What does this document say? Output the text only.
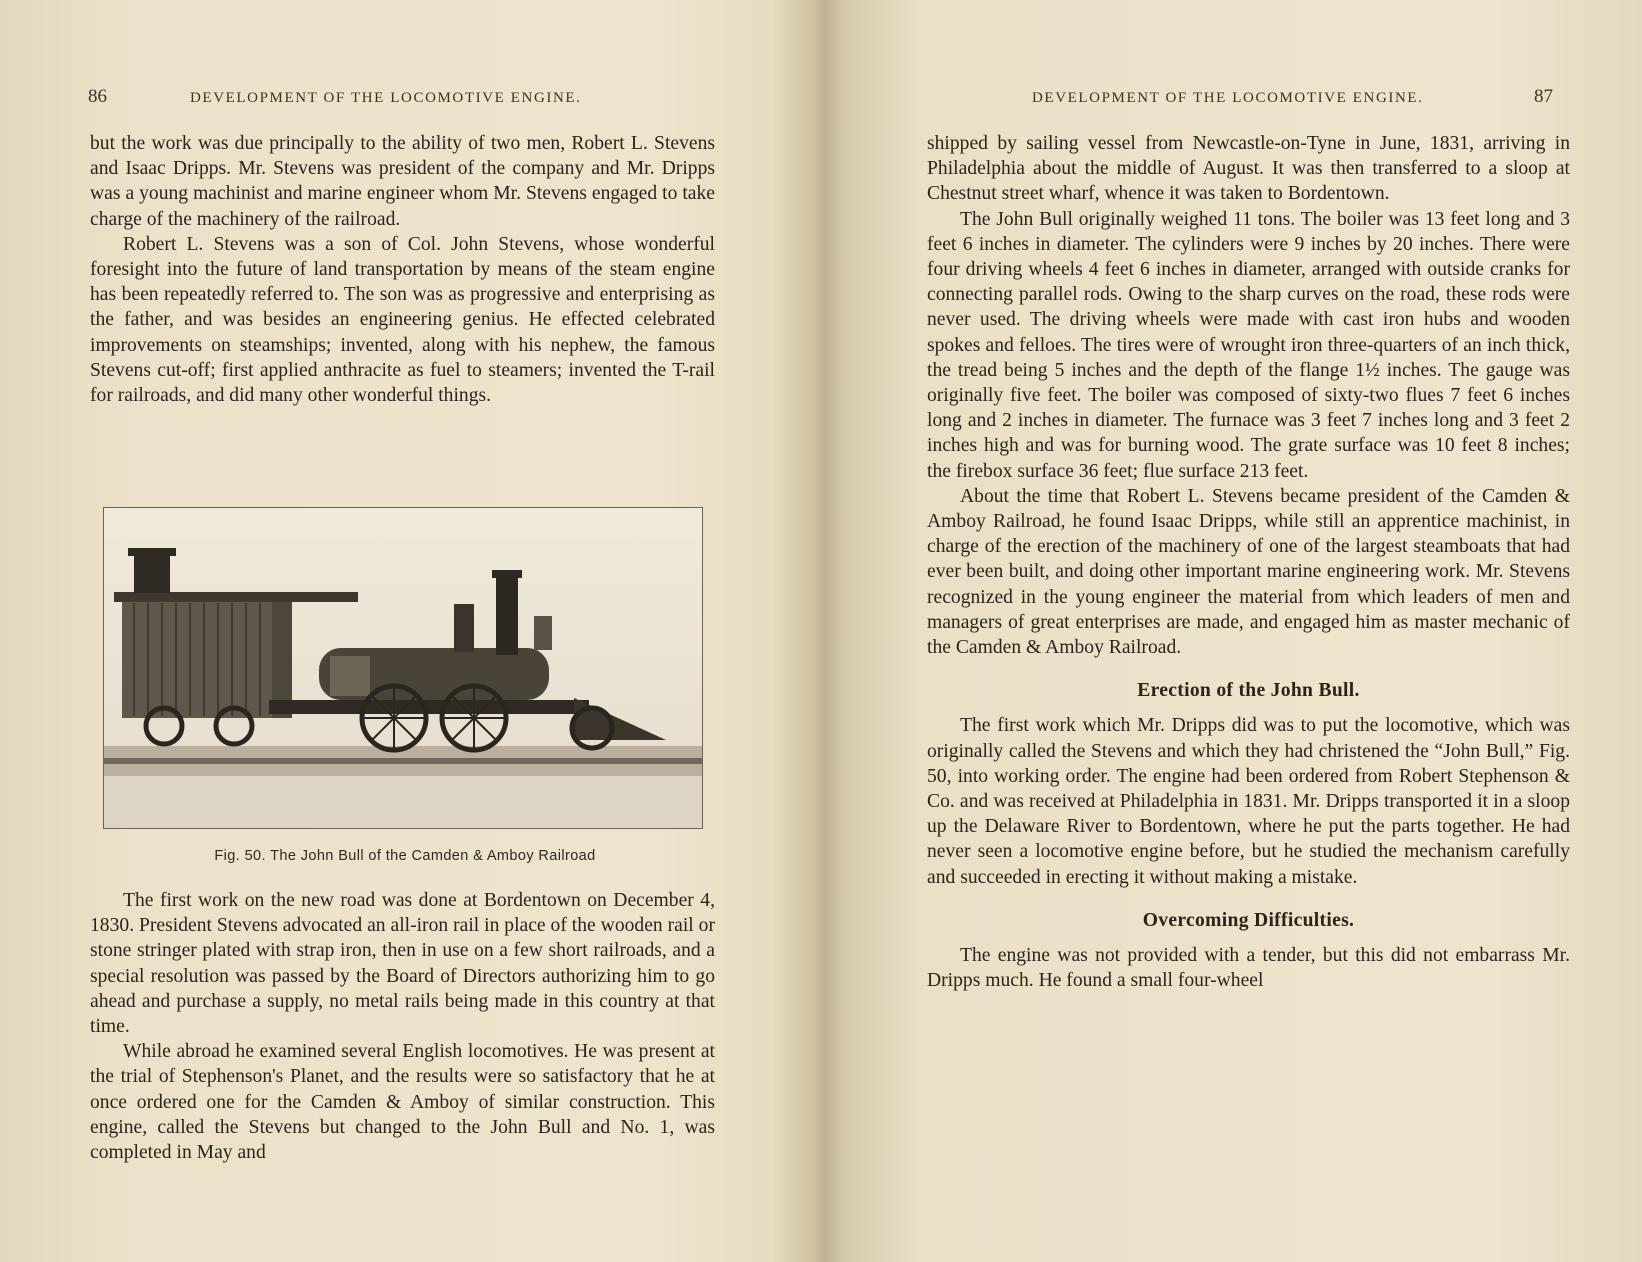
86	DEVELOPMENT OF THE LOCOMOTIVE ENGINE.

but the work was due principally to the ability of two men, Robert L. Stevens and Isaac Dripps. Mr. Stevens was president of the company and Mr. Dripps was a young machinist and marine engineer whom Mr. Stevens engaged to take charge of the machinery of the railroad.

Robert L. Stevens was a son of Col. John Stevens, whose wonderful foresight into the future of land transportation by means of the steam engine has been repeatedly referred to. The son was as progressive and enterprising as the father, and was besides an engineering genius. He effected celebrated improvements on steamships; invented, along with his nephew, the famous Stevens cut-off; first applied anthracite as fuel to steamers; invented the T-rail for railroads, and did many other wonderful things.

Fig. 50. The John Bull of the Camden & Amboy Railroad

The first work on the new road was done at Bordentown on December 4, 1830. President Stevens advocated an all-iron rail in place of the wooden rail or stone stringer plated with strap iron, then in use on a few short railroads, and a special resolution was passed by the Board of Directors authorizing him to go ahead and purchase a supply, no metal rails being made in this country at that time.

While abroad he examined several English locomotives. He was present at the trial of Stephenson's Planet, and the results were so satisfactory that he at once ordered one for the Camden & Amboy of similar construction. This engine, called the Stevens but changed to the John Bull and No. 1, was completed in May and

DEVELOPMENT OF THE LOCOMOTIVE ENGINE.	87

shipped by sailing vessel from Newcastle-on-Tyne in June, 1831, arriving in Philadelphia about the middle of August. It was then transferred to a sloop at Chestnut street wharf, whence it was taken to Bordentown.

The John Bull originally weighed 11 tons. The boiler was 13 feet long and 3 feet 6 inches in diameter. The cylinders were 9 inches by 20 inches. There were four driving wheels 4 feet 6 inches in diameter, arranged with outside cranks for connecting parallel rods. Owing to the sharp curves on the road, these rods were never used. The driving wheels were made with cast iron hubs and wooden spokes and felloes. The tires were of wrought iron three-quarters of an inch thick, the tread being 5 inches and the depth of the flange 1½ inches. The gauge was originally five feet. The boiler was composed of sixty-two flues 7 feet 6 inches long and 2 inches in diameter. The furnace was 3 feet 7 inches long and 3 feet 2 inches high and was for burning wood. The grate surface was 10 feet 8 inches; the firebox surface 36 feet; flue surface 213 feet.

About the time that Robert L. Stevens became president of the Camden & Amboy Railroad, he found Isaac Dripps, while still an apprentice machinist, in charge of the erection of the machinery of one of the largest steamboats that had ever been built, and doing other important marine engineering work. Mr. Stevens recognized in the young engineer the material from which leaders of men and managers of great enterprises are made, and engaged him as master mechanic of the Camden & Amboy Railroad.

Erection of the John Bull.

The first work which Mr. Dripps did was to put the locomotive, which was originally called the Stevens and which they had christened the “John Bull,” Fig. 50, into working order. The engine had been ordered from Robert Stephenson & Co. and was received at Philadelphia in 1831. Mr. Dripps transported it in a sloop up the Delaware River to Bordentown, where he put the parts together. He had never seen a locomotive engine before, but he studied the mechanism carefully and succeeded in erecting it without making a mistake.

Overcoming Difficulties.

The engine was not provided with a tender, but this did not embarrass Mr. Dripps much. He found a small four-wheel
